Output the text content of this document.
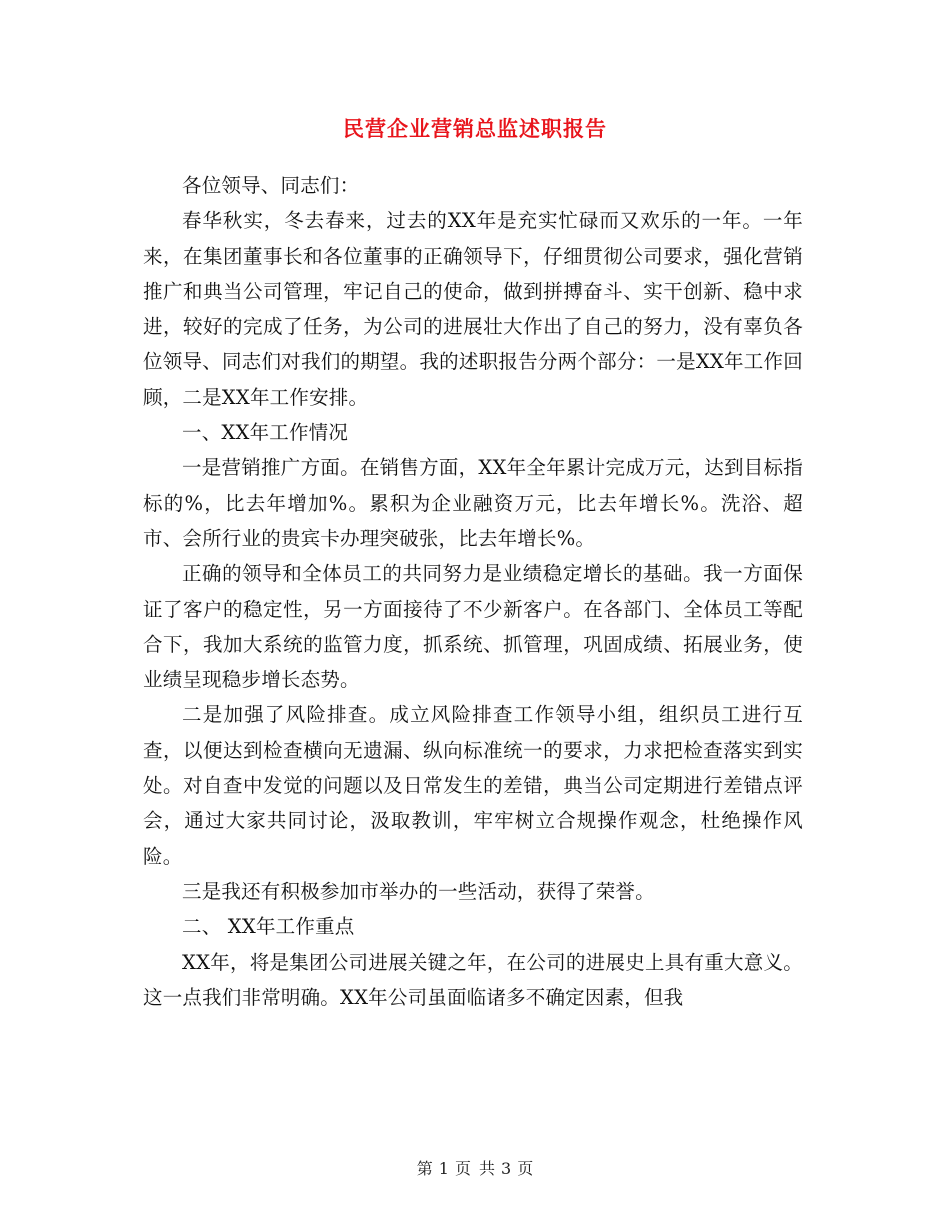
民营企业营销总监述职报告

各位领导、同志们：

春华秋实，冬去春来，过去的XX年是充实忙碌而又欢乐的一年。一年来，在集团董事长和各位董事的正确领导下，仔细贯彻公司要求，强化营销推广和典当公司管理，牢记自己的使命，做到拼搏奋斗、实干创新、稳中求进，较好的完成了任务，为公司的进展壮大作出了自己的努力，没有辜负各位领导、同志们对我们的期望。我的述职报告分两个部分：一是XX年工作回顾，二是XX年工作安排。

一、XX年工作情况

一是营销推广方面。在销售方面，XX年全年累计完成万元，达到目标指标的%，比去年增加%。累积为企业融资万元，比去年增长%。洗浴、超市、会所行业的贵宾卡办理突破张，比去年增长%。

正确的领导和全体员工的共同努力是业绩稳定增长的基础。我一方面保证了客户的稳定性，另一方面接待了不少新客户。在各部门、全体员工等配合下，我加大系统的监管力度，抓系统、抓管理，巩固成绩、拓展业务，使业绩呈现稳步增长态势。

二是加强了风险排查。成立风险排查工作领导小组，组织员工进行互查，以便达到检查横向无遗漏、纵向标准统一的要求，力求把检查落实到实处。对自查中发觉的问题以及日常发生的差错，典当公司定期进行差错点评会，通过大家共同讨论，汲取教训，牢牢树立合规操作观念，杜绝操作风险。

三是我还有积极参加市举办的一些活动，获得了荣誉。

二、 XX年工作重点

XX年，将是集团公司进展关键之年，在公司的进展史上具有重大意义。这一点我们非常明确。XX年公司虽面临诸多不确定因素，但我

第 1 页 共 3 页
